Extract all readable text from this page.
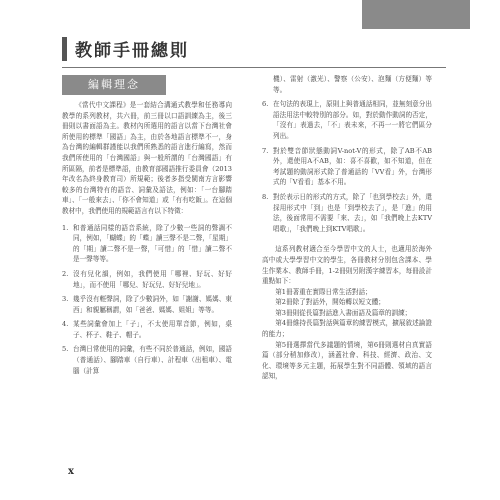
教師手冊總則
編輯理念

《當代中文課程》是一套結合溝通式教學和任務導向教學的系列教材，共六冊，前三冊以口語訓練為主，後三冊則以書面語為主。教材內所選用的語言以當下台灣社會所使用的標準「國語」為主，由於各地語言標準不一，身為台灣的編輯群謹能以我們所熟悉的語言進行編寫，然而我們所使用的「台灣國語」與一般所謂的「台灣國語」有所區隔，前者是標準語，由教育部國語推行委員會（2013年改名為終身教育司）所規範；後者多指受閩南方言影響較多的台灣特有的語音、詞彙及語法，例如：「一台腳踏車」、「一般來去」、「你不會知道」或「有有吃飯」。在這個教材中，我們使用的規範語言有以下特徵：

1. 和普通話同樣的語音系統，除了少數一些詞的聲調不同，例如，「蝴蝶」的「蝶」讀三聲不是二聲，「星期」的「期」讀二聲不是一聲，「可惜」的「惜」讀二聲不是一聲等等。
2. 沒有兒化韻，例如，我們使用「哪裡、好玩、好好地」，而不使用「哪兒、好玩兒、好好兒地」。
3. 幾乎沒有輕聲詞，除了少數詞外，如「謝謝、媽媽、東西」和親屬稱謂，如「爸爸、媽媽、姐姐」等等。
4. 某些詞彙會加上「子」，不太使用單音節，例如，桌子、杯子、鞋子、帽子。
5. 台灣日常使用的詞彙，有些不同於普通話，例如，國語（普通話）、腳踏車（自行車）、計程車（出租車）、電腦（計算
機）、雷射（激光）、警察（公安）、泡麵（方便麵）等等。
6. 在句法的表現上，原則上與普通話相同，並無刻意分出語法用法中較特別的部分。如，對於動作動詞的否定，「沒有」表過去，「不」表未來，不再一一將它們區分列出。
7. 對於雙音節狀態動詞V-not-V的形式，除了AB不AB外，還使用A不AB，如：喜不喜歡，如不知道，但在考試題的動詞形式除了普通話的「VV看」外，台灣形式的「V看看」基本不用。
8. 對於表示日的形式的方式，除了「也到學校去」外，還採用形式中「到」也是「到學校去了」，是「進」的用法，後面常用不需要「來、去」，如「我們晚上去KTV唱歌」，「我們晚上到KTV唱歌」。

這系列教材適合至今學習中文的人士，也適用於海外高中或大學學習中文的學生，各冊教材分別包含課本、學生作業本、教師手冊，1-2冊則另附漢字練習本，每冊設計重點如下：

第1冊著重在實際日常生活對話；

第2冊除了對話外，開始轉以短文體；

第3冊則從長篇對話進入書面語及篇章的訓練；

第4冊維持長篇對話與篇章的練習模式，擴展敘述論證的能力；

第5冊選擇當代多議題的情境，第6冊則選材自真實語篇（部分稍加修改），涵蓋社會、科技、經濟、政治、文化、環境等多元主題，拓展學生對不同語體、領域的語言認知，

x
